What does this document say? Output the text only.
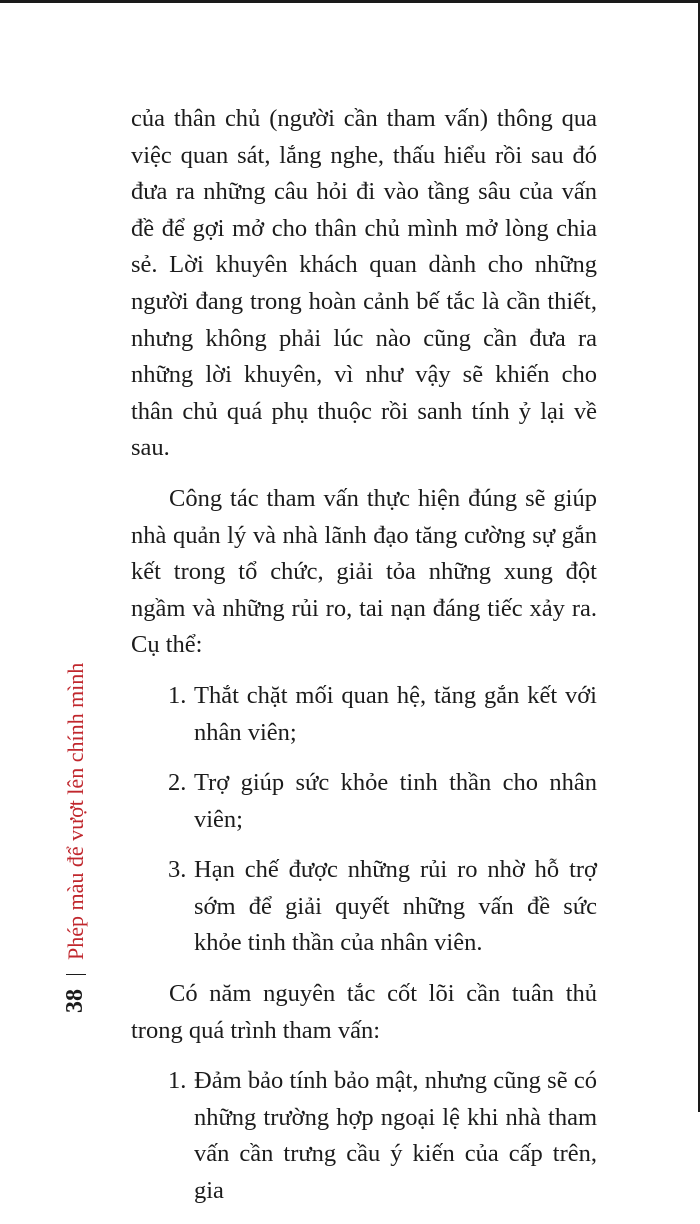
38
Phép màu để vượt lên chính mình

của thân chủ (người cần tham vấn) thông qua việc quan sát, lắng nghe, thấu hiểu rồi sau đó đưa ra những câu hỏi đi vào tầng sâu của vấn đề để gợi mở cho thân chủ mình mở lòng chia sẻ. Lời khuyên khách quan dành cho những người đang trong hoàn cảnh bế tắc là cần thiết, nhưng không phải lúc nào cũng cần đưa ra những lời khuyên, vì như vậy sẽ khiến cho thân chủ quá phụ thuộc rồi sanh tính ỷ lại về sau.

Công tác tham vấn thực hiện đúng sẽ giúp nhà quản lý và nhà lãnh đạo tăng cường sự gắn kết trong tổ chức, giải tỏa những xung đột ngầm và những rủi ro, tai nạn đáng tiếc xảy ra. Cụ thể:

1. Thắt chặt mối quan hệ, tăng gắn kết với nhân viên;
2. Trợ giúp sức khỏe tinh thần cho nhân viên;
3. Hạn chế được những rủi ro nhờ hỗ trợ sớm để giải quyết những vấn đề sức khỏe tinh thần của nhân viên.

Có năm nguyên tắc cốt lõi cần tuân thủ trong quá trình tham vấn:

1. Đảm bảo tính bảo mật, nhưng cũng sẽ có những trường hợp ngoại lệ khi nhà tham vấn cần trưng cầu ý kiến của cấp trên, gia
